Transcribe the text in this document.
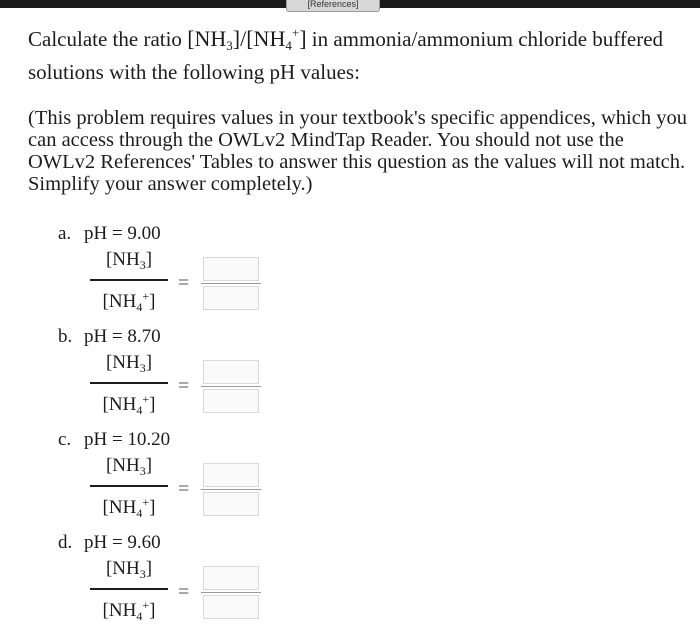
[References]

Calculate the ratio $[NH_3]/[NH_4^+]$ in ammonia/ammonium chloride buffered solutions with the following pH values:

(This problem requires values in your textbook's specific appendices, which you can access through the OWLv2 MindTap Reader. You should not use the OWLv2 References' Tables to answer this question as the values will not match. Simplify your answer completely.)

a. pH = 9.00
$\frac{[NH_3]}{[NH_4^+]}$ =
b. pH = 8.70
$\frac{[NH_3]}{[NH_4^+]}$ =
c. pH = 10.20
$\frac{[NH_3]}{[NH_4^+]}$ =
d. pH = 9.60
$\frac{[NH_3]}{[NH_4^+]}$ =
